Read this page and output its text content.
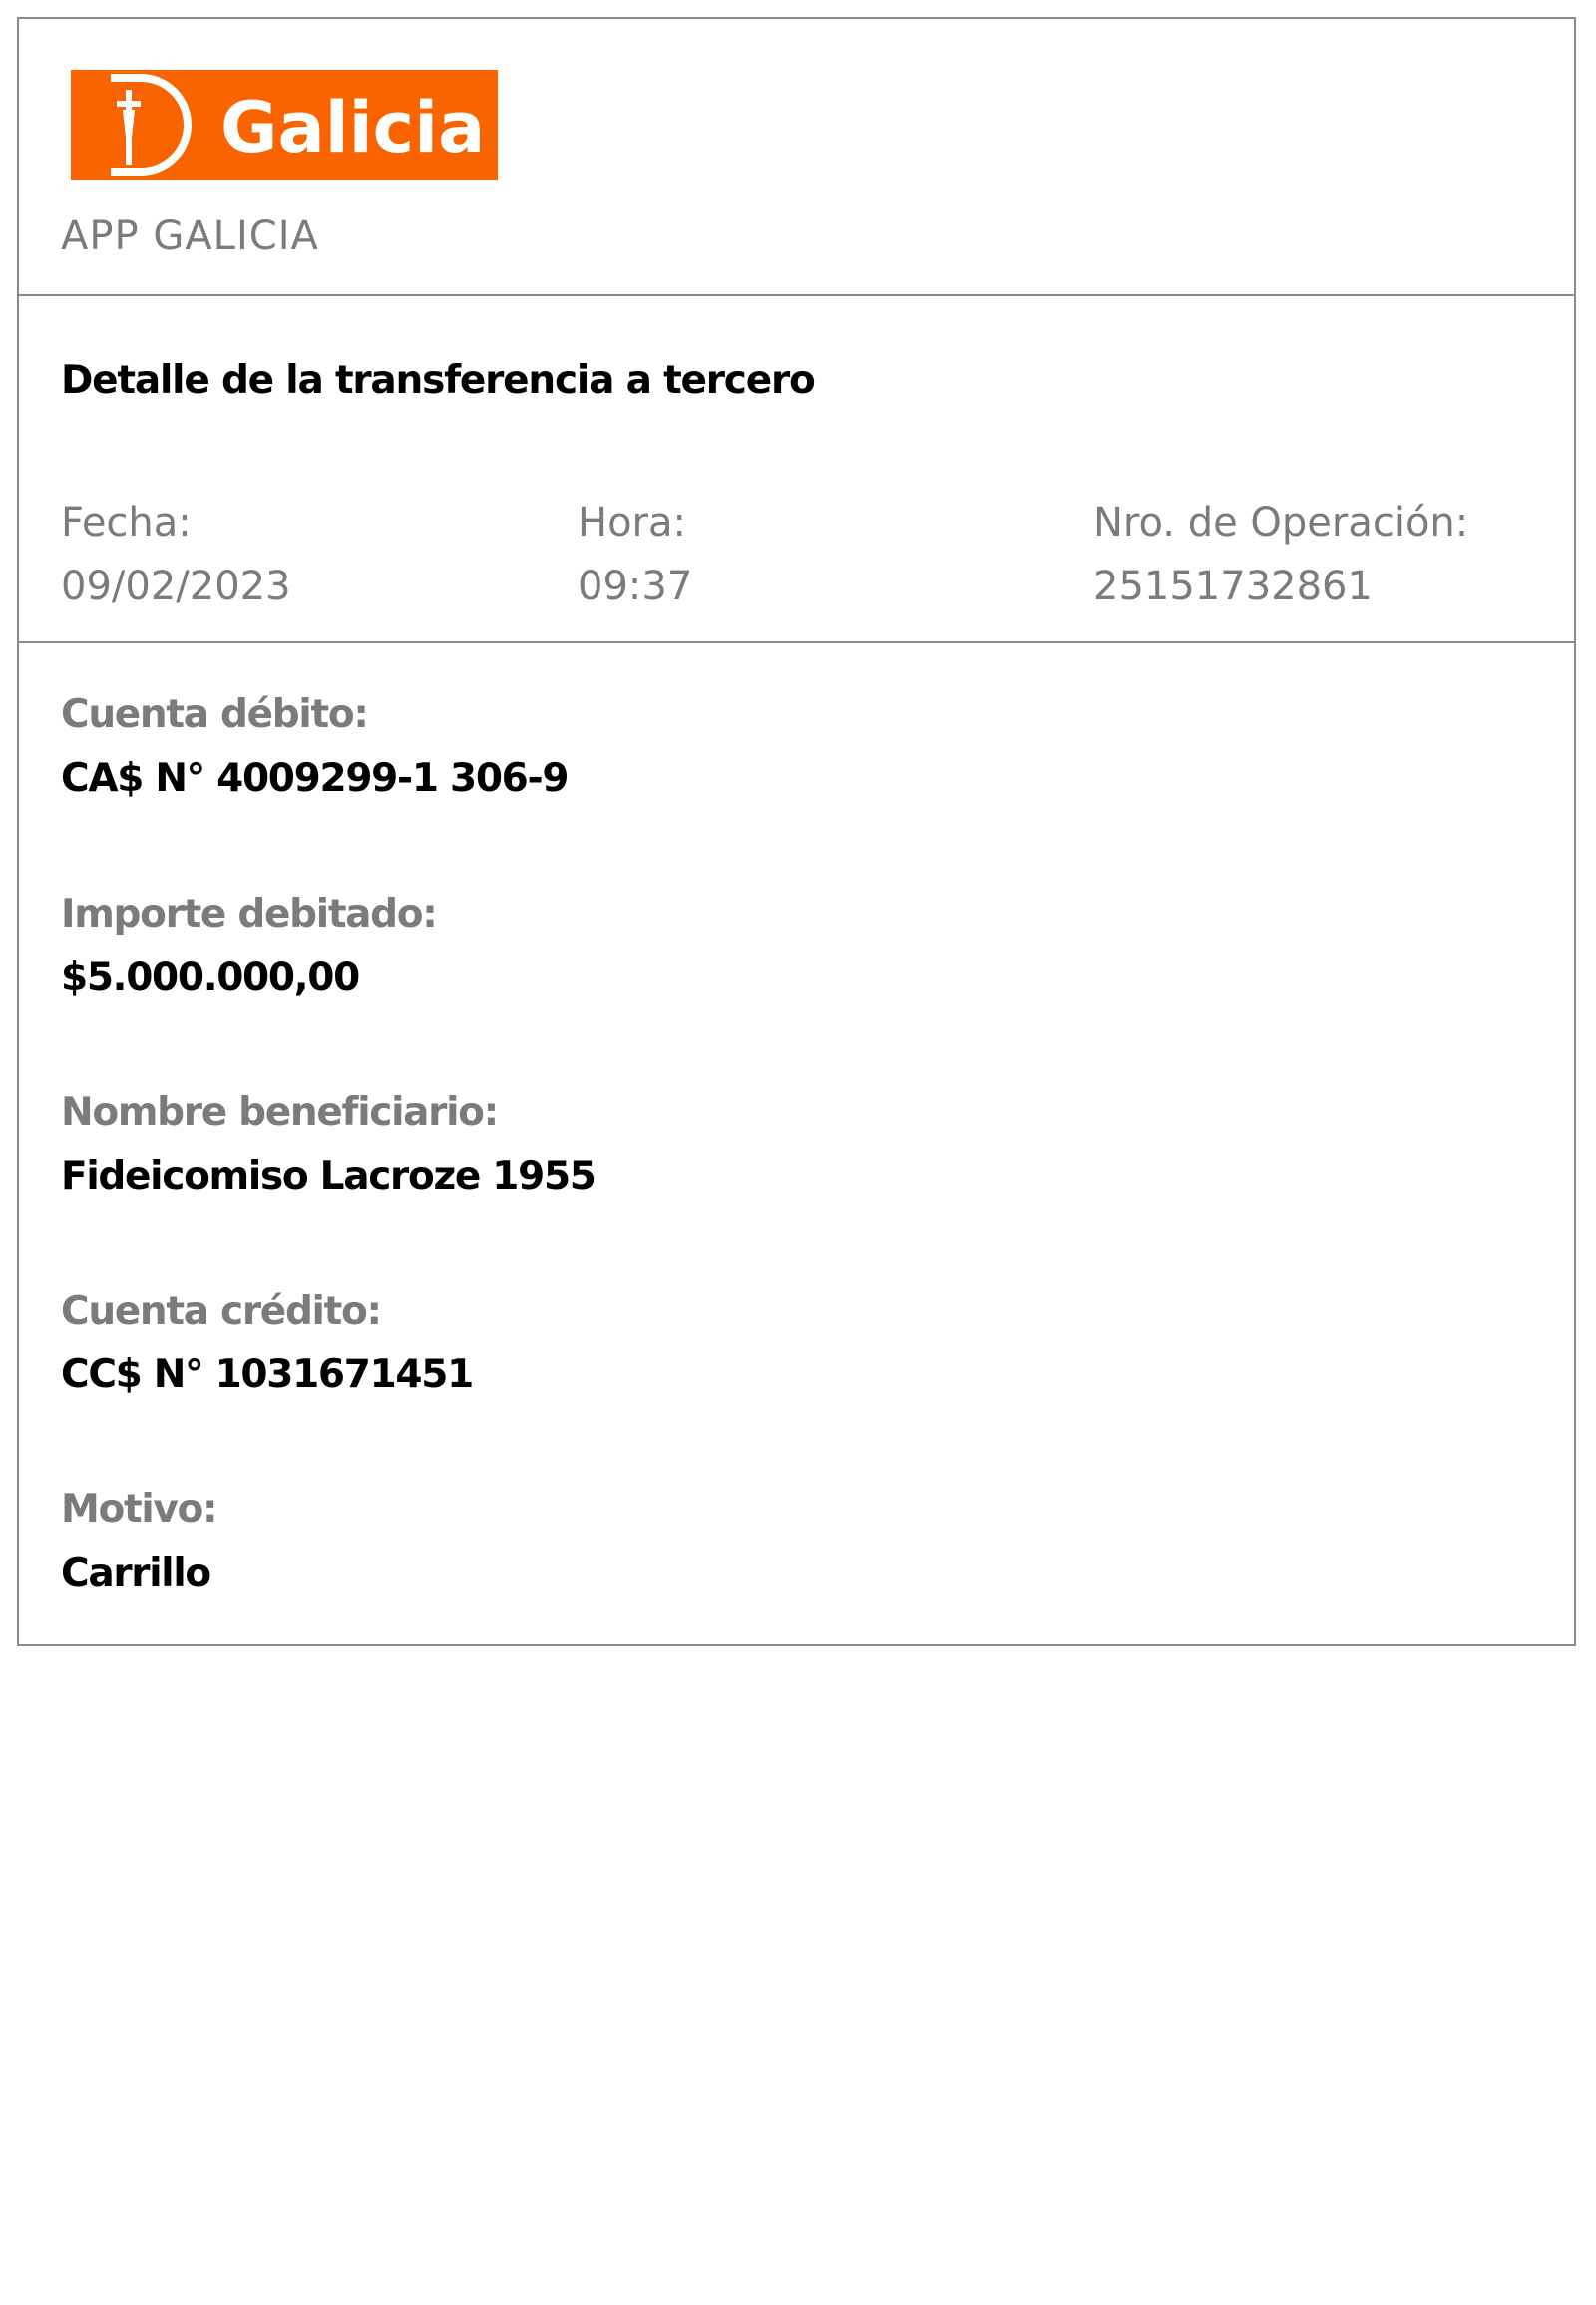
Galicia
APP GALICIA
Detalle de la transferencia a tercero
Fecha:
09/02/2023
Hora:
09:37
Nro. de Operación:
25151732861
Cuenta débito:
CA$ N° 4009299-1 306-9
Importe debitado:
$5.000.000,00
Nombre beneficiario:
Fideicomiso Lacroze 1955
Cuenta crédito:
CC$ N° 1031671451
Motivo:
Carrillo
